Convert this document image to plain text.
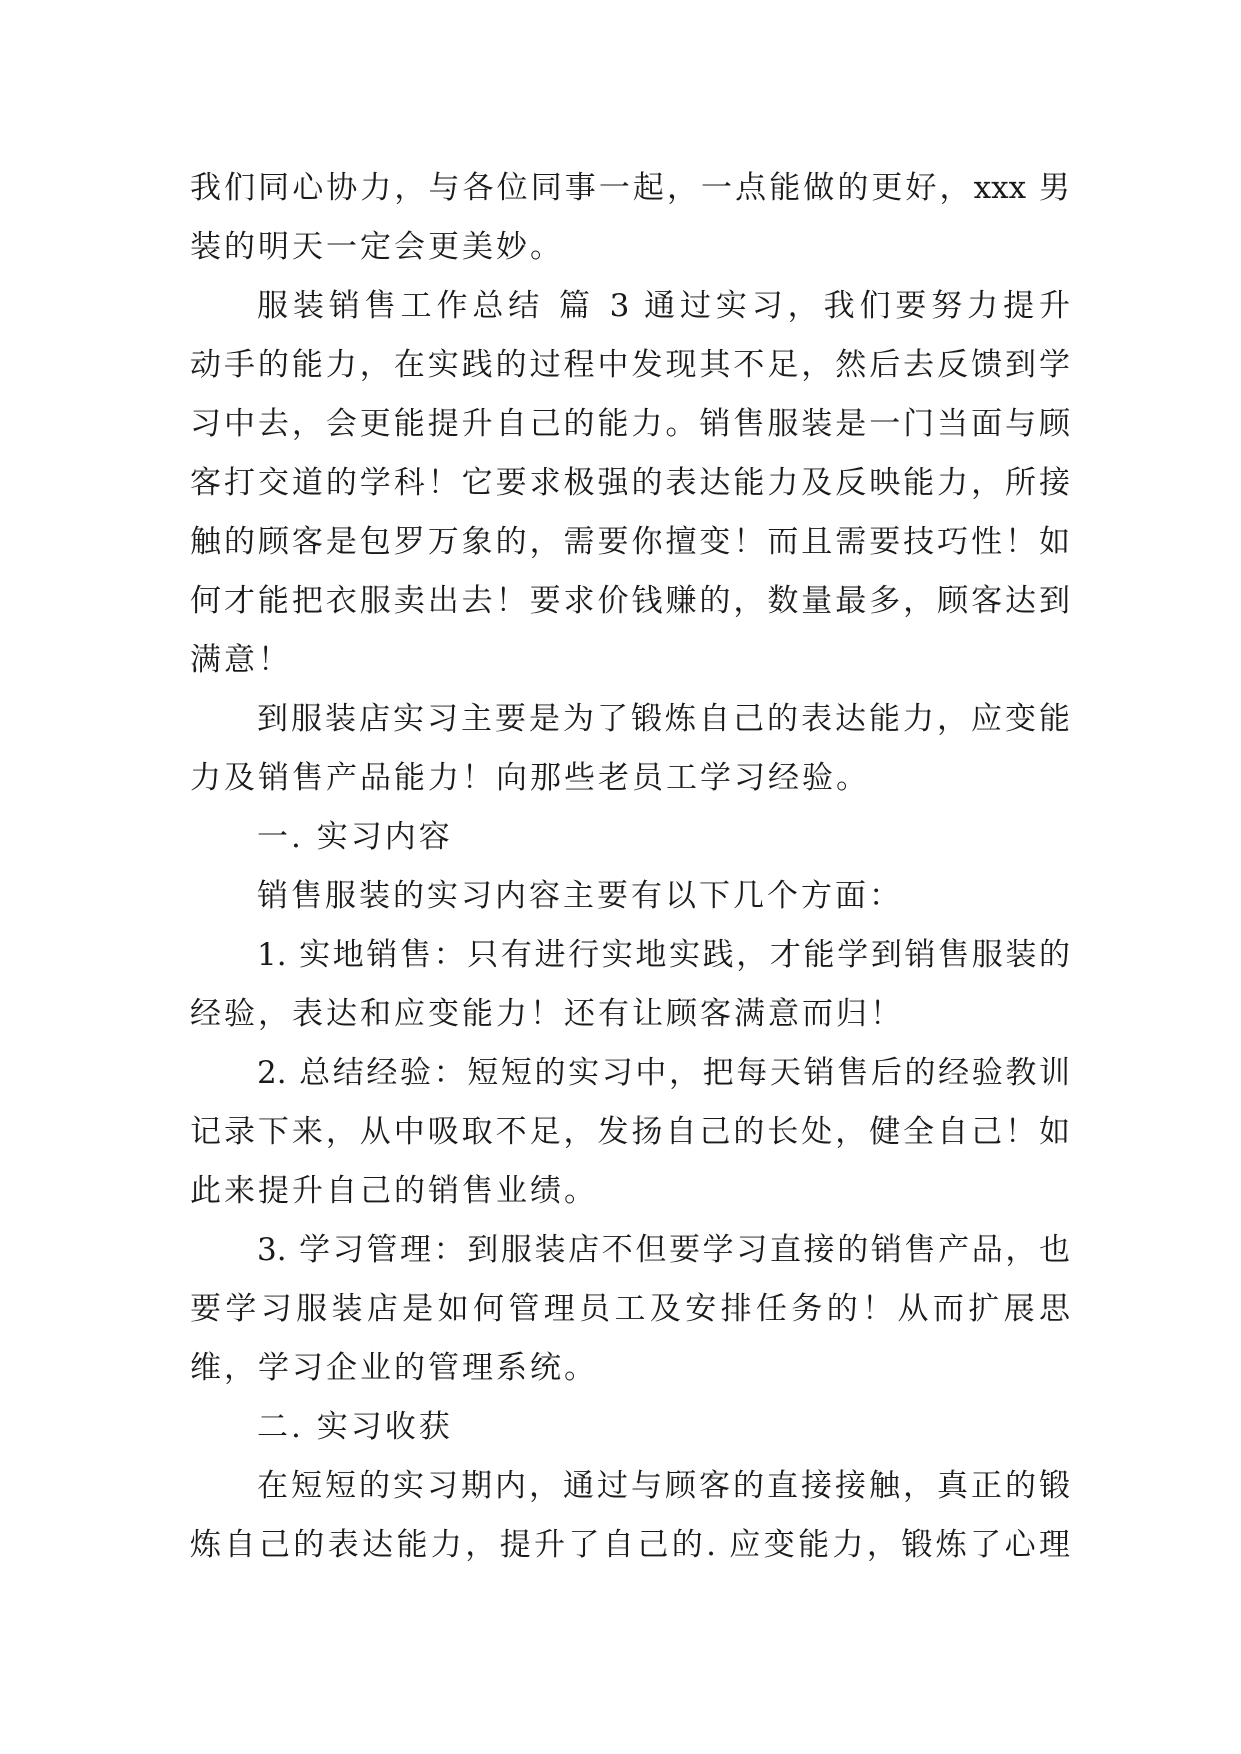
我们同心协力，与各位同事一起，一点能做的更好，xxx 男

装的明天一定会更美妙。

服装销售工作总结 篇 3 通过实习，我们要努力提升

动手的能力，在实践的过程中发现其不足，然后去反馈到学

习中去，会更能提升自己的能力。销售服装是一门当面与顾

客打交道的学科！它要求极强的表达能力及反映能力，所接

触的顾客是包罗万象的，需要你擅变！而且需要技巧性！如

何才能把衣服卖出去！要求价钱赚的，数量最多，顾客达到

满意！

到服装店实习主要是为了锻炼自己的表达能力，应变能

力及销售产品能力！向那些老员工学习经验。

一. 实习内容

销售服装的实习内容主要有以下几个方面：

1. 实地销售：只有进行实地实践，才能学到销售服装的

经验，表达和应变能力！还有让顾客满意而归！

2. 总结经验：短短的实习中，把每天销售后的经验教训

记录下来，从中吸取不足，发扬自己的长处，健全自己！如

此来提升自己的销售业绩。

3. 学习管理：到服装店不但要学习直接的销售产品，也

要学习服装店是如何管理员工及安排任务的！从而扩展思

维，学习企业的管理系统。

二. 实习收获

在短短的实习期内，通过与顾客的直接接触，真正的锻

炼自己的表达能力，提升了自己的. 应变能力，锻炼了心理
